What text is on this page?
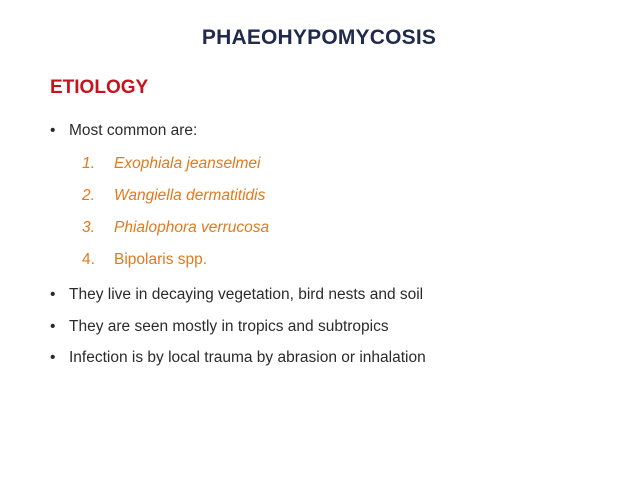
PHAEOHYPOMYCOSIS
ETIOLOGY
• Most common are:
1. Exophiala jeanselmei
2. Wangiella dermatitidis
3. Phialophora verrucosa
4. Bipolaris spp.
• They live in decaying vegetation, bird nests and soil
• They are seen mostly in tropics and subtropics
• Infection is by local trauma by abrasion or inhalation
